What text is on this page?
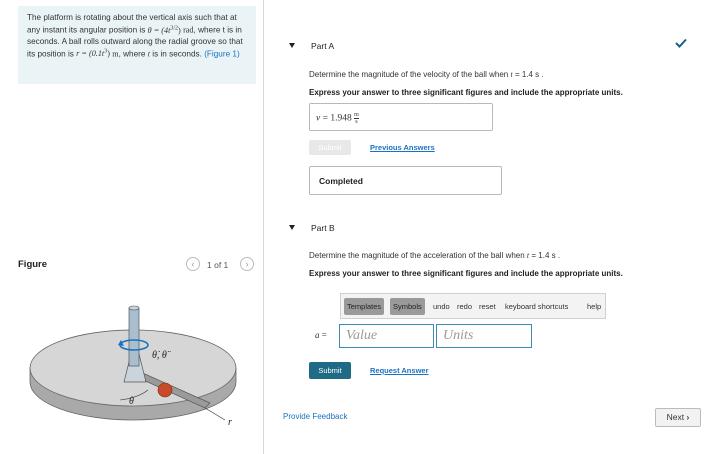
The platform is rotating about the vertical axis such that at any instant its angular position is $\theta = (4t^{3/2})$ rad, where t is in seconds. A ball rolls outward along the radial groove so that its position is $r = (0.1t^3)$ m, where t is in seconds. (Figure 1)
Figure	‹	1 of 1	›
θ̇, θ̈
θ
r
Part A
Determine the magnitude of the velocity of the ball when t = 1.4 s .
Express your answer to three significant figures and include the appropriate units.
$v = 1.948 \frac{m}{s}$
Submit	Previous Answers
Completed
Part B
Determine the magnitude of the acceleration of the ball when t = 1.4 s .
Express your answer to three significant figures and include the appropriate units.
Templates	Symbols	undo redo reset keyboard shortcuts help
a =	Value	Units
Submit	Request Answer
Provide Feedback	Next ›
